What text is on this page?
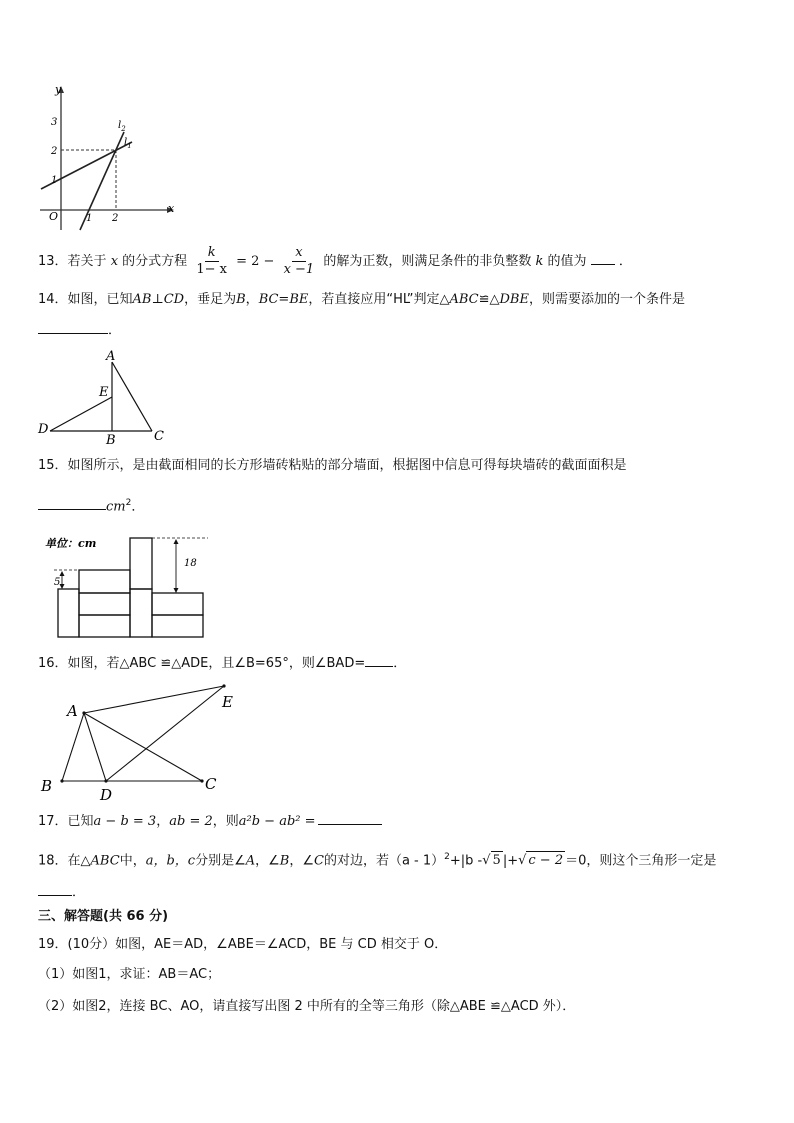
y
x
O
1
2
3
1 2
$l_2$
$l_1$
13．若关于 x 的分式方程 $\frac{k}{1- x} = 2 - \frac{x}{x -1}$ 的解为正数，则满足条件的非负整数 k 的值为 ．
14．如图，已知AB⊥CD，垂足为B，BC=BE，若直接应用“HL”判定△ABC≌△DBE，则需要添加的一个条件是
．
A
E
D
B	C
15．如图所示，是由截面相同的长方形墙砖粘贴的部分墙面，根据图中信息可得每块墙砖的截面面积是
$cm^2$．
单位：cm
5
18
16．如图，若△ABC ≌△ADE，且∠B=65°，则∠BAD= ．
A	E
B	D
C
17．已知a − b = 3，ab = 2，则a²b − ab² =
18．在△ABC中，a，b，c分别是∠A，∠B，∠C的对边，若（a - 1）$^2$+|b -√ 5 |+√ c − 2 ＝0，则这个三角形一定是
．
三、解答题(共 66 分)
19．(10分）如图，AE＝AD，∠ABE＝∠ACD，BE 与 CD 相交于 O．
（1）如图1，求证：AB＝AC；
（2）如图2，连接 BC、AO，请直接写出图 2 中所有的全等三角形（除△ABE ≌△ACD 外）．
